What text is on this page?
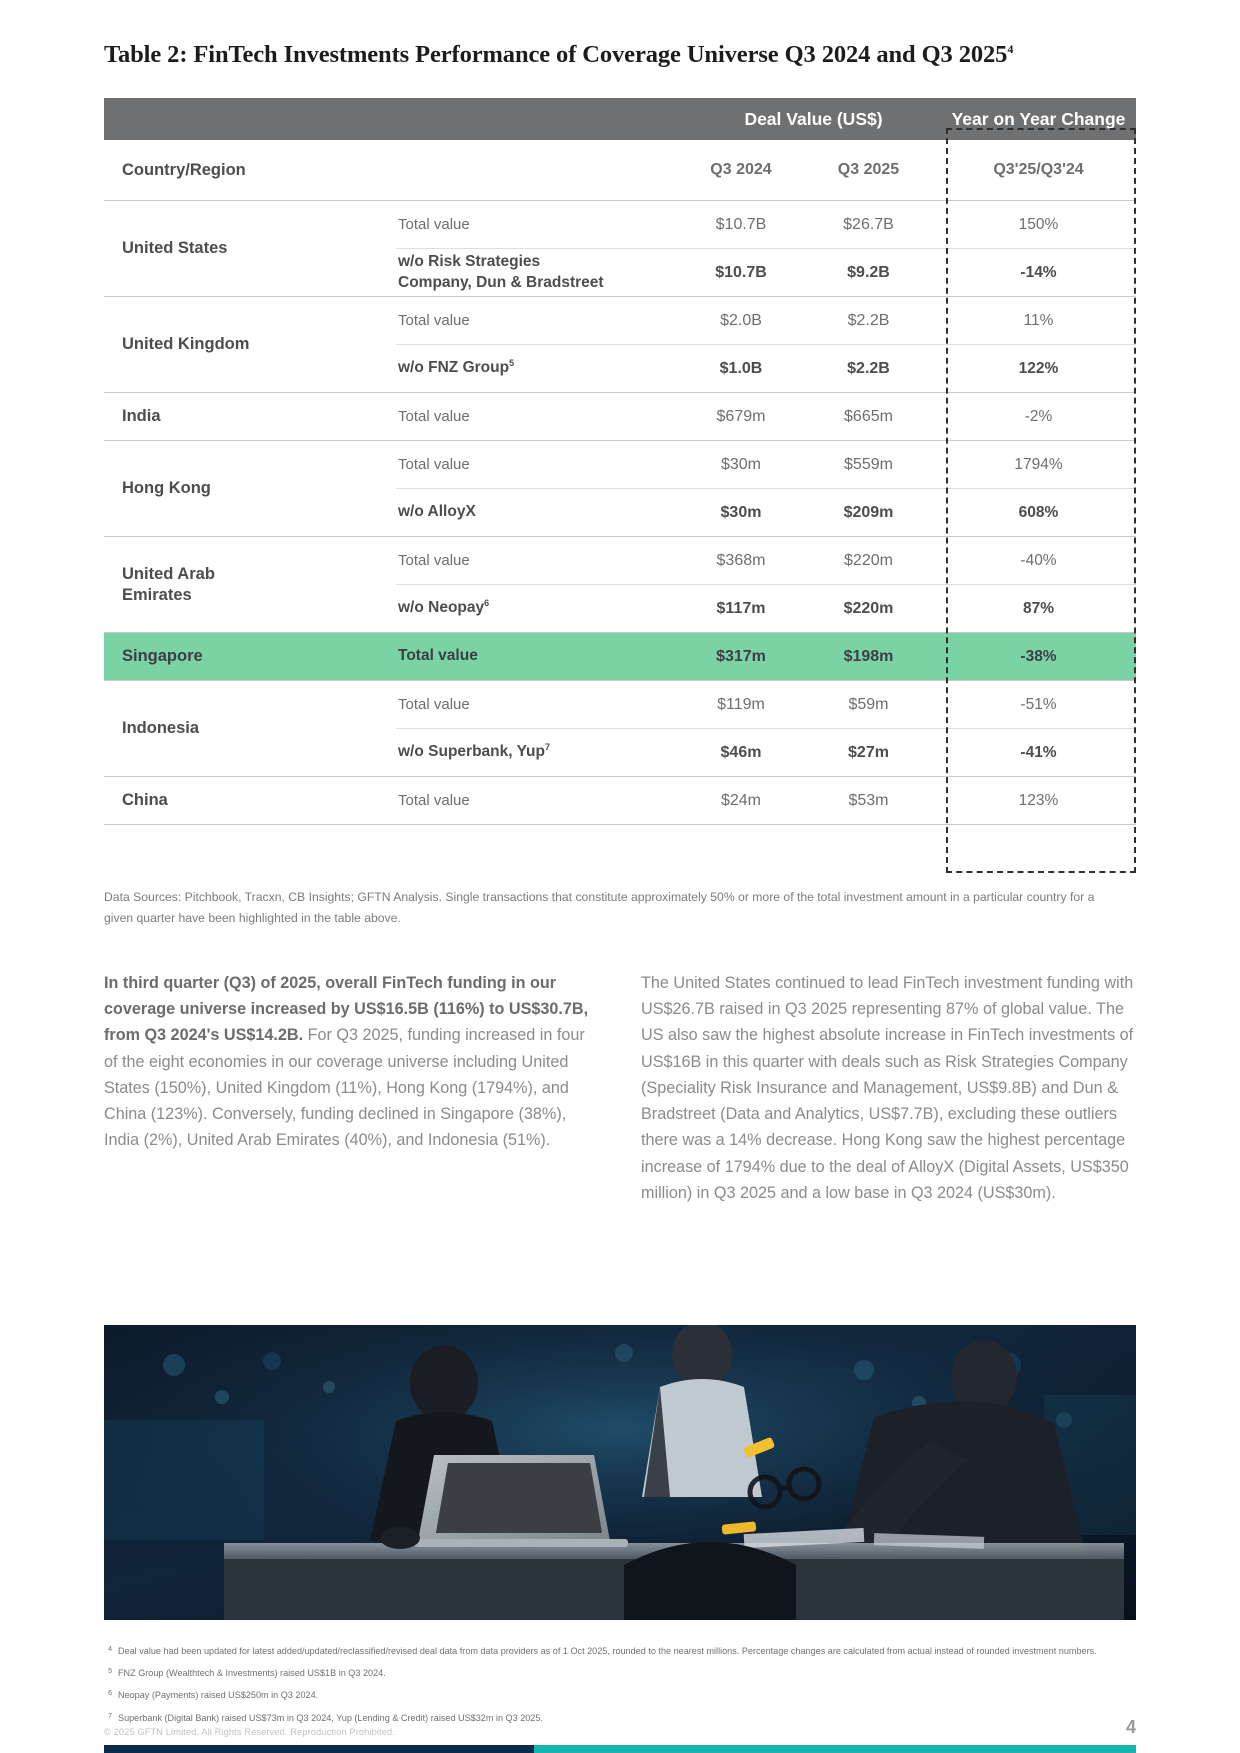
Table 2: FinTech Investments Performance of Coverage Universe Q3 2024 and Q3 2025$^4$
		Deal Value (US$)		Year on Year Change
Country/Region		Q3 2024	Q3 2025	Q3'25/Q3'24
United States	Total value	$10.7B	$26.7B	150%
	w/o Risk Strategies
Company, Dun & Bradstreet	$10.7B	$9.2B	-14%
United Kingdom	Total value	$2.0B	$2.2B	11%
	w/o FNZ Group$^5$	$1.0B	$2.2B	122%
India	Total value	$679m	$665m	-2%
Hong Kong	Total value	$30m	$559m	1794%
	w/o AlloyX	$30m	$209m	608%
United Arab
Emirates	Total value	$368m	$220m	-40%
	w/o Neopay$^6$	$117m	$220m	87%
Singapore	Total value	$317m	$198m	-38%
Indonesia	Total value	$119m	$59m	-51%
	w/o Superbank, Yup$^7$	$46m	$27m	-41%
China	Total value	$24m	$53m	123%
Data Sources: Pitchbook, Tracxn, CB Insights; GFTN Analysis. Single transactions that constitute approximately 50% or more of the total investment amount in a particular country for a given quarter have been highlighted in the table above.
In third quarter (Q3) of 2025, overall FinTech funding in our coverage universe increased by US$16.5B (116%) to US$30.7B, from Q3 2024's US$14.2B. For Q3 2025, funding increased in four of the eight economies in our coverage universe including United States (150%), United Kingdom (11%), Hong Kong (1794%), and China (123%). Conversely, funding declined in Singapore (38%), India (2%), United Arab Emirates (40%), and Indonesia (51%).
The United States continued to lead FinTech investment funding with US$26.7B raised in Q3 2025 representing 87% of global value. The US also saw the highest absolute increase in FinTech investments of US$16B in this quarter with deals such as Risk Strategies Company (Speciality Risk Insurance and Management, US$9.8B) and Dun & Bradstreet (Data and Analytics, US$7.7B), excluding these outliers there was a 14% decrease. Hong Kong saw the highest percentage increase of 1794% due to the deal of AlloyX (Digital Assets, US$350 million) in Q3 2025 and a low base in Q3 2024 (US$30m).
4 Deal value had been updated for latest added/updated/reclassified/revised deal data from data providers as of 1 Oct 2025, rounded to the nearest millions. Percentage changes are calculated from actual instead of rounded investment numbers.
5 FNZ Group (Wealthtech & Investments) raised US$1B in Q3 2024.
6 Neopay (Payments) raised US$250m in Q3 2024.
7 Superbank (Digital Bank) raised US$73m in Q3 2024, Yup (Lending & Credit) raised US$32m in Q3 2025.
© 2025 GFTN Limited. All Rights Reserved. Reproduction Prohibited.	4
